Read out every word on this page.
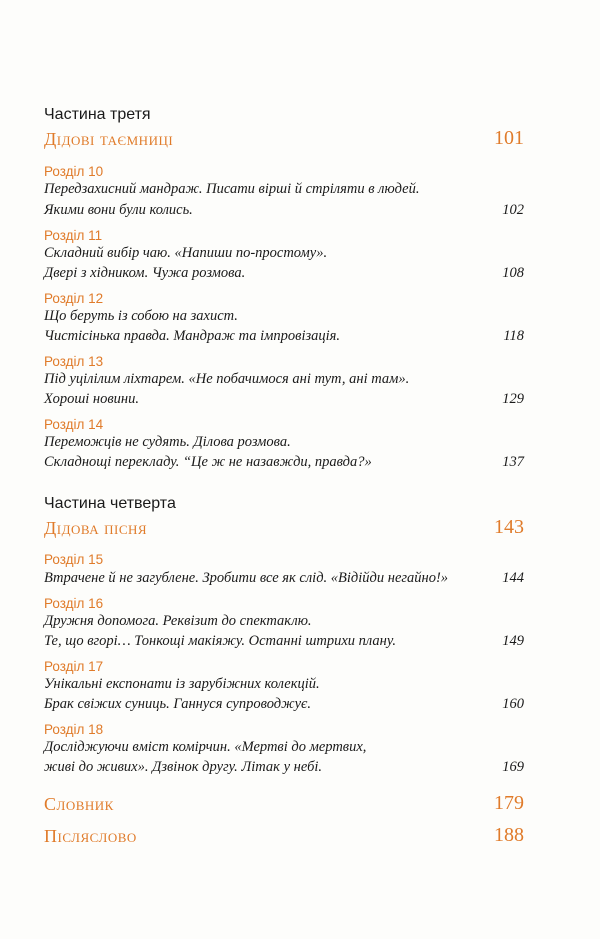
Частина третя
Дідові таємниці	101
Розділ 10
Передзахисний мандраж. Писати вірші й стріляти в людей.
Якими вони були колись.	102
Розділ 11
Складний вибір чаю. «Напиши по-простому».
Двері з хідником. Чужа розмова.	108
Розділ 12
Що беруть із собою на захист.
Чистісінька правда. Мандраж та імпровізація.	118
Розділ 13
Під уцілілим ліхтарем. «Не побачимося ані тут, ані там».
Хороші новини.	129
Розділ 14
Переможців не судять. Ділова розмова.
Складнощі перекладу. “Це ж не назавжди, правда?»	137
Частина четверта
Дідова пісня	143
Розділ 15
Втрачене й не загублене. Зробити все як слід. «Відійди негайно!»	144
Розділ 16
Дружня допомога. Реквізит до спектаклю.
Те, що вгорі… Тонкощі макіяжу. Останні штрихи плану.	149
Розділ 17
Унікальні експонати із зарубіжних колекцій.
Брак свіжих суниць. Ганнуся супроводжує.	160
Розділ 18
Досліджуючи вміст комірчин. «Мертві до мертвих,
живі до живих». Дзвінок другу. Літак у небі.	169
Словник	179
Післяслово	188
